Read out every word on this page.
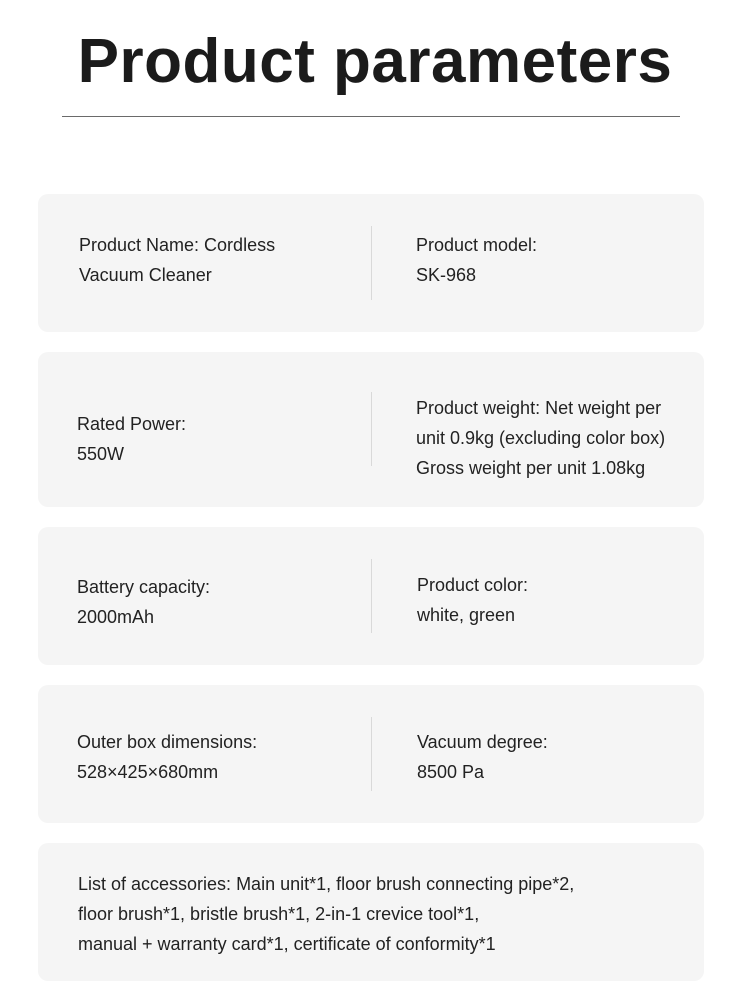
Product parameters
Product Name: Cordless
Vacuum Cleaner
Product model:
SK-968
Rated Power:
550W
Product weight: Net weight per
unit 0.9kg (excluding color box)
Gross weight per unit 1.08kg
Battery capacity:
2000mAh
Product color:
white, green
Outer box dimensions:
528×425×680mm
Vacuum degree:
8500 Pa
List of accessories: Main unit*1, floor brush connecting pipe*2,
floor brush*1, bristle brush*1, 2-in-1 crevice tool*1,
manual + warranty card*1, certificate of conformity*1
